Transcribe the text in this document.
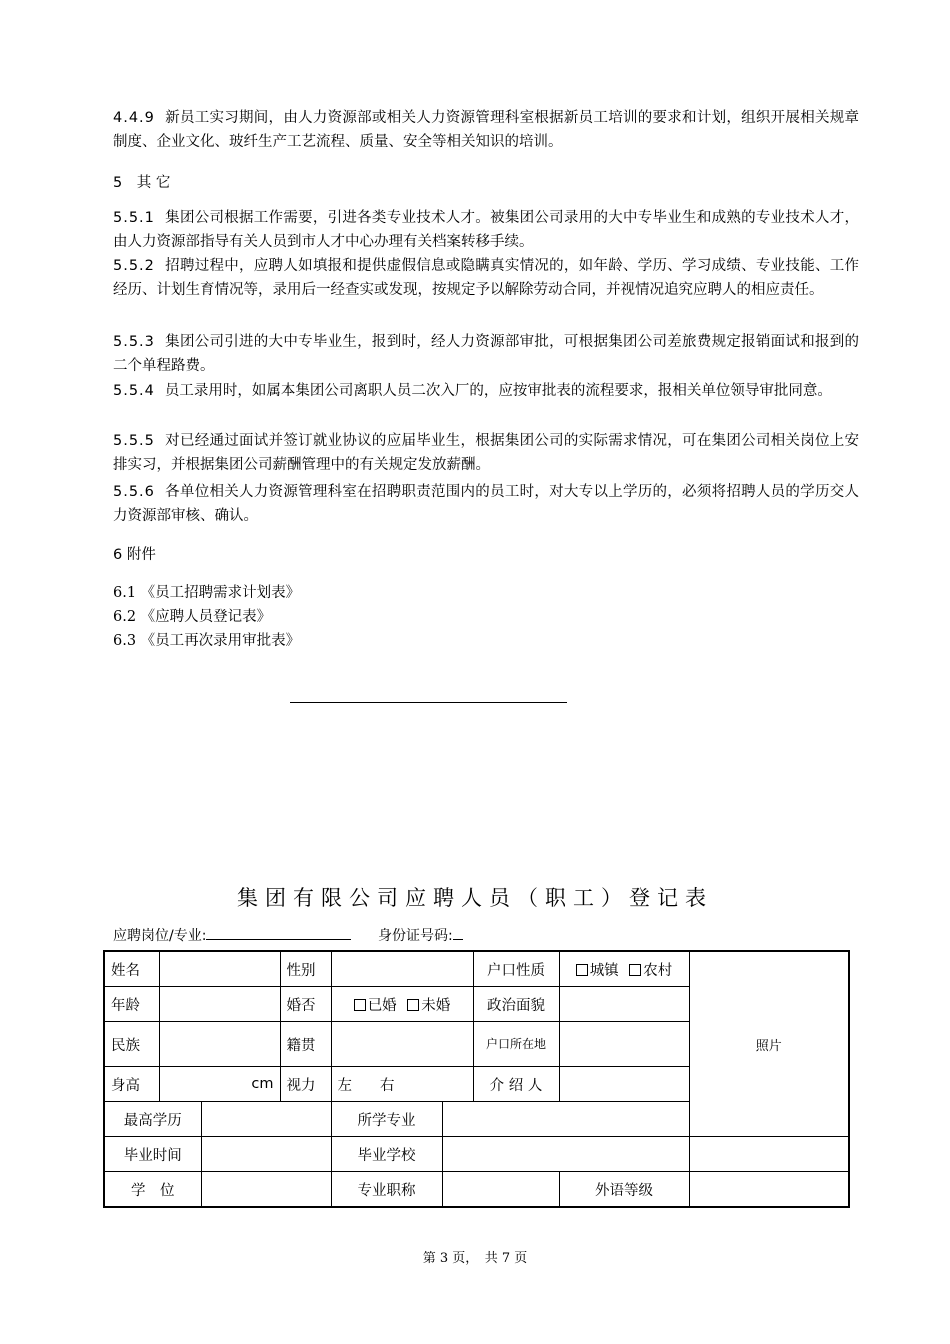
4.4.9 新员工实习期间，由人力资源部或相关人力资源管理科室根据新员工培训的要求和计划，组织开展相关规章制度、企业文化、玻纤生产工艺流程、质量、安全等相关知识的培训。

5　其 它

5.5.1 集团公司根据工作需要，引进各类专业技术人才。被集团公司录用的大中专毕业生和成熟的专业技术人才，由人力资源部指导有关人员到市人才中心办理有关档案转移手续。
5.5.2 招聘过程中，应聘人如填报和提供虚假信息或隐瞒真实情况的，如年龄、学历、学习成绩、专业技能、工作经历、计划生育情况等，录用后一经查实或发现，按规定予以解除劳动合同，并视情况追究应聘人的相应责任。
5.5.3 集团公司引进的大中专毕业生，报到时，经人力资源部审批，可根据集团公司差旅费规定报销面试和报到的二个单程路费。
5.5.4 员工录用时，如属本集团公司离职人员二次入厂的，应按审批表的流程要求，报相关单位领导审批同意。
5.5.5 对已经通过面试并签订就业协议的应届毕业生，根据集团公司的实际需求情况，可在集团公司相关岗位上安排实习，并根据集团公司薪酬管理中的有关规定发放薪酬。
5.5.6 各单位相关人力资源管理科室在招聘职责范围内的员工时，对大专以上学历的，必须将招聘人员的学历交人力资源部审核、确认。

6 附件

6.1 《员工招聘需求计划表》

6.2 《应聘人员登记表》

6.3 《员工再次录用审批表》

集团有限公司应聘人员（职工）登记表

应聘岗位/专业:	身份证号码:
姓名			性别			户口性质	城镇 农村	照片
年龄			婚否	已婚 未婚		政治面貌		
民族			籍贯			户口所在地		
身高	cm		视力	左 右		介 绍 人		
最高学历				所学专业				
毕业时间				毕业学校				
学　位				专业职称			外语等级	
第 3 页，　共 7 页
